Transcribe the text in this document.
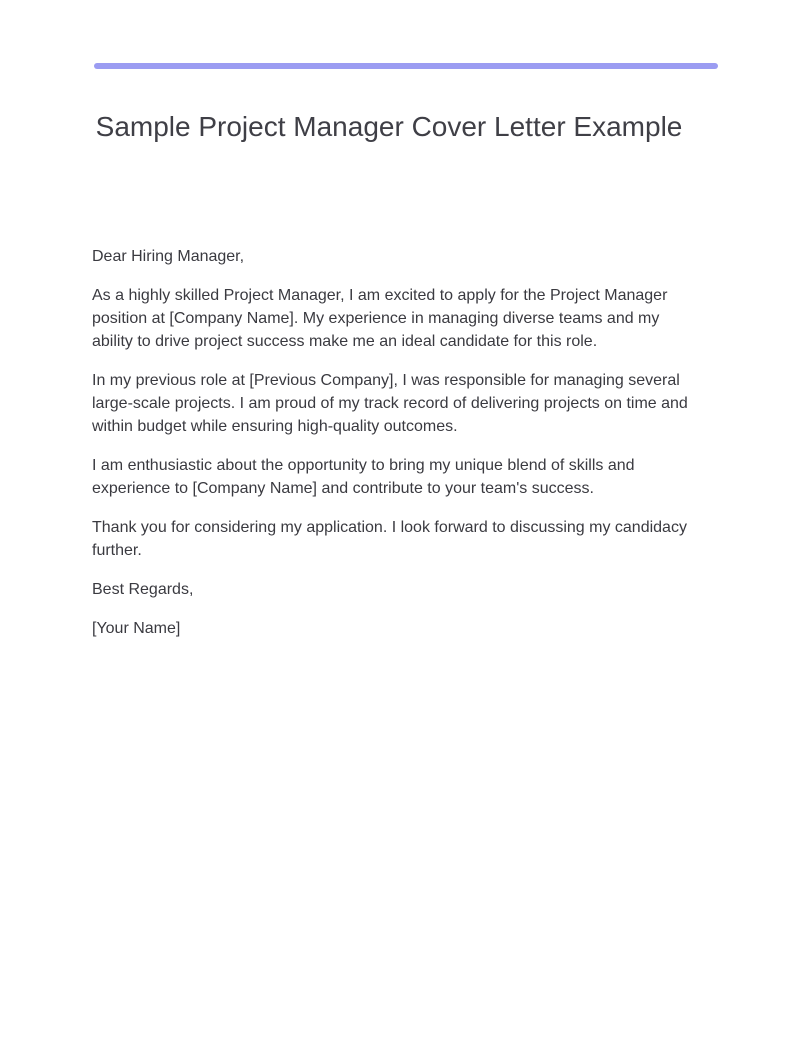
Sample Project Manager Cover Letter Example

Dear Hiring Manager,

As a highly skilled Project Manager, I am excited to apply for the Project Manager position at [Company Name]. My experience in managing diverse teams and my ability to drive project success make me an ideal candidate for this role.

In my previous role at [Previous Company], I was responsible for managing several large-scale projects. I am proud of my track record of delivering projects on time and within budget while ensuring high-quality outcomes.

I am enthusiastic about the opportunity to bring my unique blend of skills and experience to [Company Name] and contribute to your team's success.

Thank you for considering my application. I look forward to discussing my candidacy further.

Best Regards,

[Your Name]
